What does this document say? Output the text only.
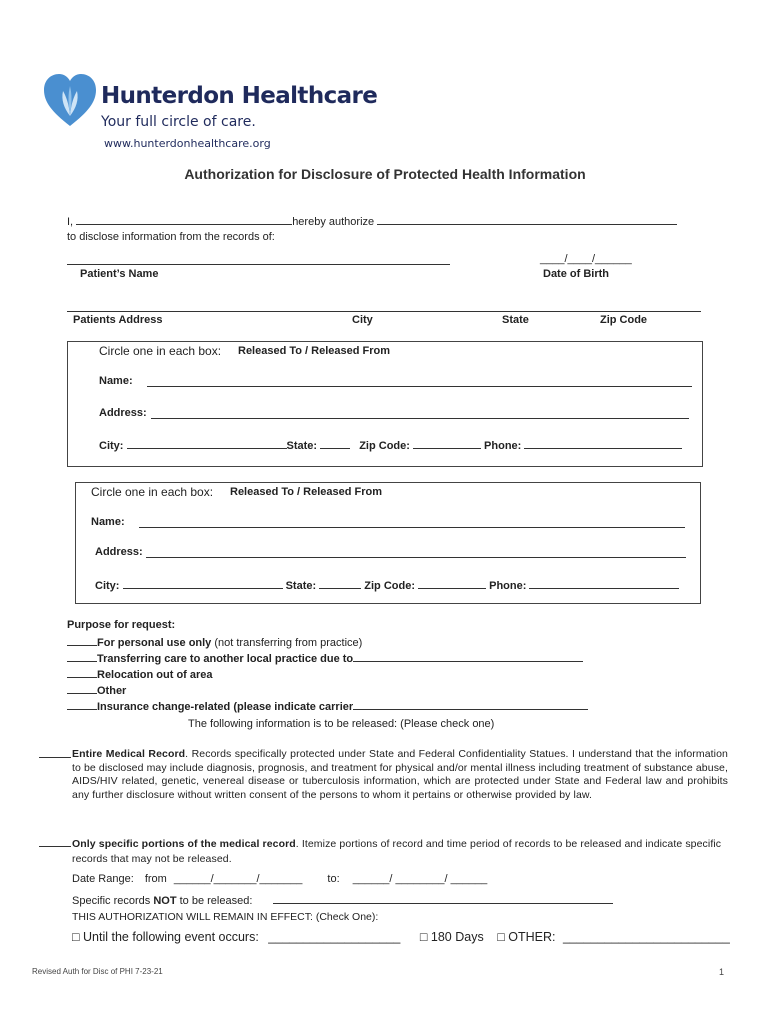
Hunterdon Healthcare
Your full circle of care.
www.hunterdonhealthcare.org
Authorization for Disclosure of Protected Health Information
I,	hereby authorize
to disclose information from the records of:
____/____/______
Patient’s Name	Date of Birth
Patients Address	City	State	Zip Code
Circle one in each box: Released To / Released From
Name:
Address:
City:	State:	Zip Code:	Phone:
Circle one in each box: Released To / Released From
Name:
Address:
City:	State:	Zip Code:	Phone:
Purpose for request:
For personal use only (not transferring from practice)
Transferring care to another local practice due to
Relocation out of area
Other
Insurance change-related (please indicate carrier
The following information is to be released: (Please check one)
Entire Medical Record. Records specifically protected under State and Federal Confidentiality Statues. I understand that the information to be disclosed may include diagnosis, prognosis, and treatment for physical and/or mental illness including treatment of substance abuse, AIDS/HIV related, genetic, venereal disease or tuberculosis information, which are protected under State and Federal law and prohibits any further disclosure without written consent of the persons to whom it pertains or otherwise provided by law.
Only specific portions of the medical record. Itemize portions of record and time period of records to be released and indicate specific records that may not be released.
Date Range: from ______/_______/_______ to: ______/ ________/ ______
Specific records NOT to be released:
THIS AUTHORIZATION WILL REMAIN IN EFFECT: (Check One):
□ Until the following event occurs: ___________________ □ 180 Days □ OTHER: ________________________
Revised Auth for Disc of PHI 7-23-21	1
